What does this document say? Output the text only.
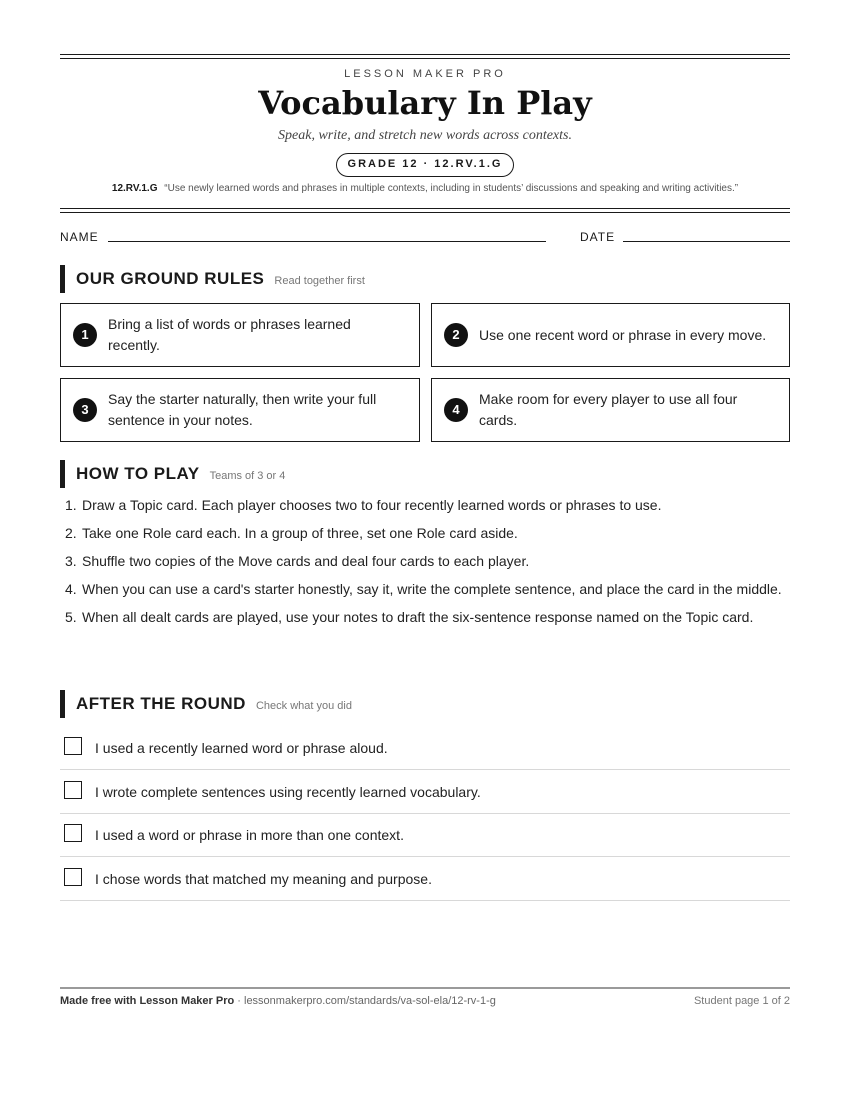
LESSON MAKER PRO
Vocabulary In Play
Speak, write, and stretch new words across contexts.
GRADE 12 · 12.RV.1.G
12.RV.1.G “Use newly learned words and phrases in multiple contexts, including in students’ discussions and speaking and writing activities.”
NAME	DATE
OUR GROUND RULES Read together first
1
Bring a list of words or phrases learned recently.
2	Use one recent word or phrase in every move.
3
Say the starter naturally, then write your full sentence in your notes.
4
Make room for every player to use all four cards.
HOW TO PLAY Teams of 3 or 4
1. Draw a Topic card. Each player chooses two to four recently learned words or phrases to use.
2. Take one Role card each. In a group of three, set one Role card aside.
3. Shuffle two copies of the Move cards and deal four cards to each player.
4. When you can use a card's starter honestly, say it, write the complete sentence, and place the card in the middle.
5. When all dealt cards are played, use your notes to draft the six-sentence response named on the Topic card.
AFTER THE ROUND Check what you did
I used a recently learned word or phrase aloud.
I wrote complete sentences using recently learned vocabulary.
I used a word or phrase in more than one context.
I chose words that matched my meaning and purpose.
Made free with Lesson Maker Pro · lessonmakerpro.com/standards/va-sol-ela/12-rv-1-g	Student page 1 of 2
